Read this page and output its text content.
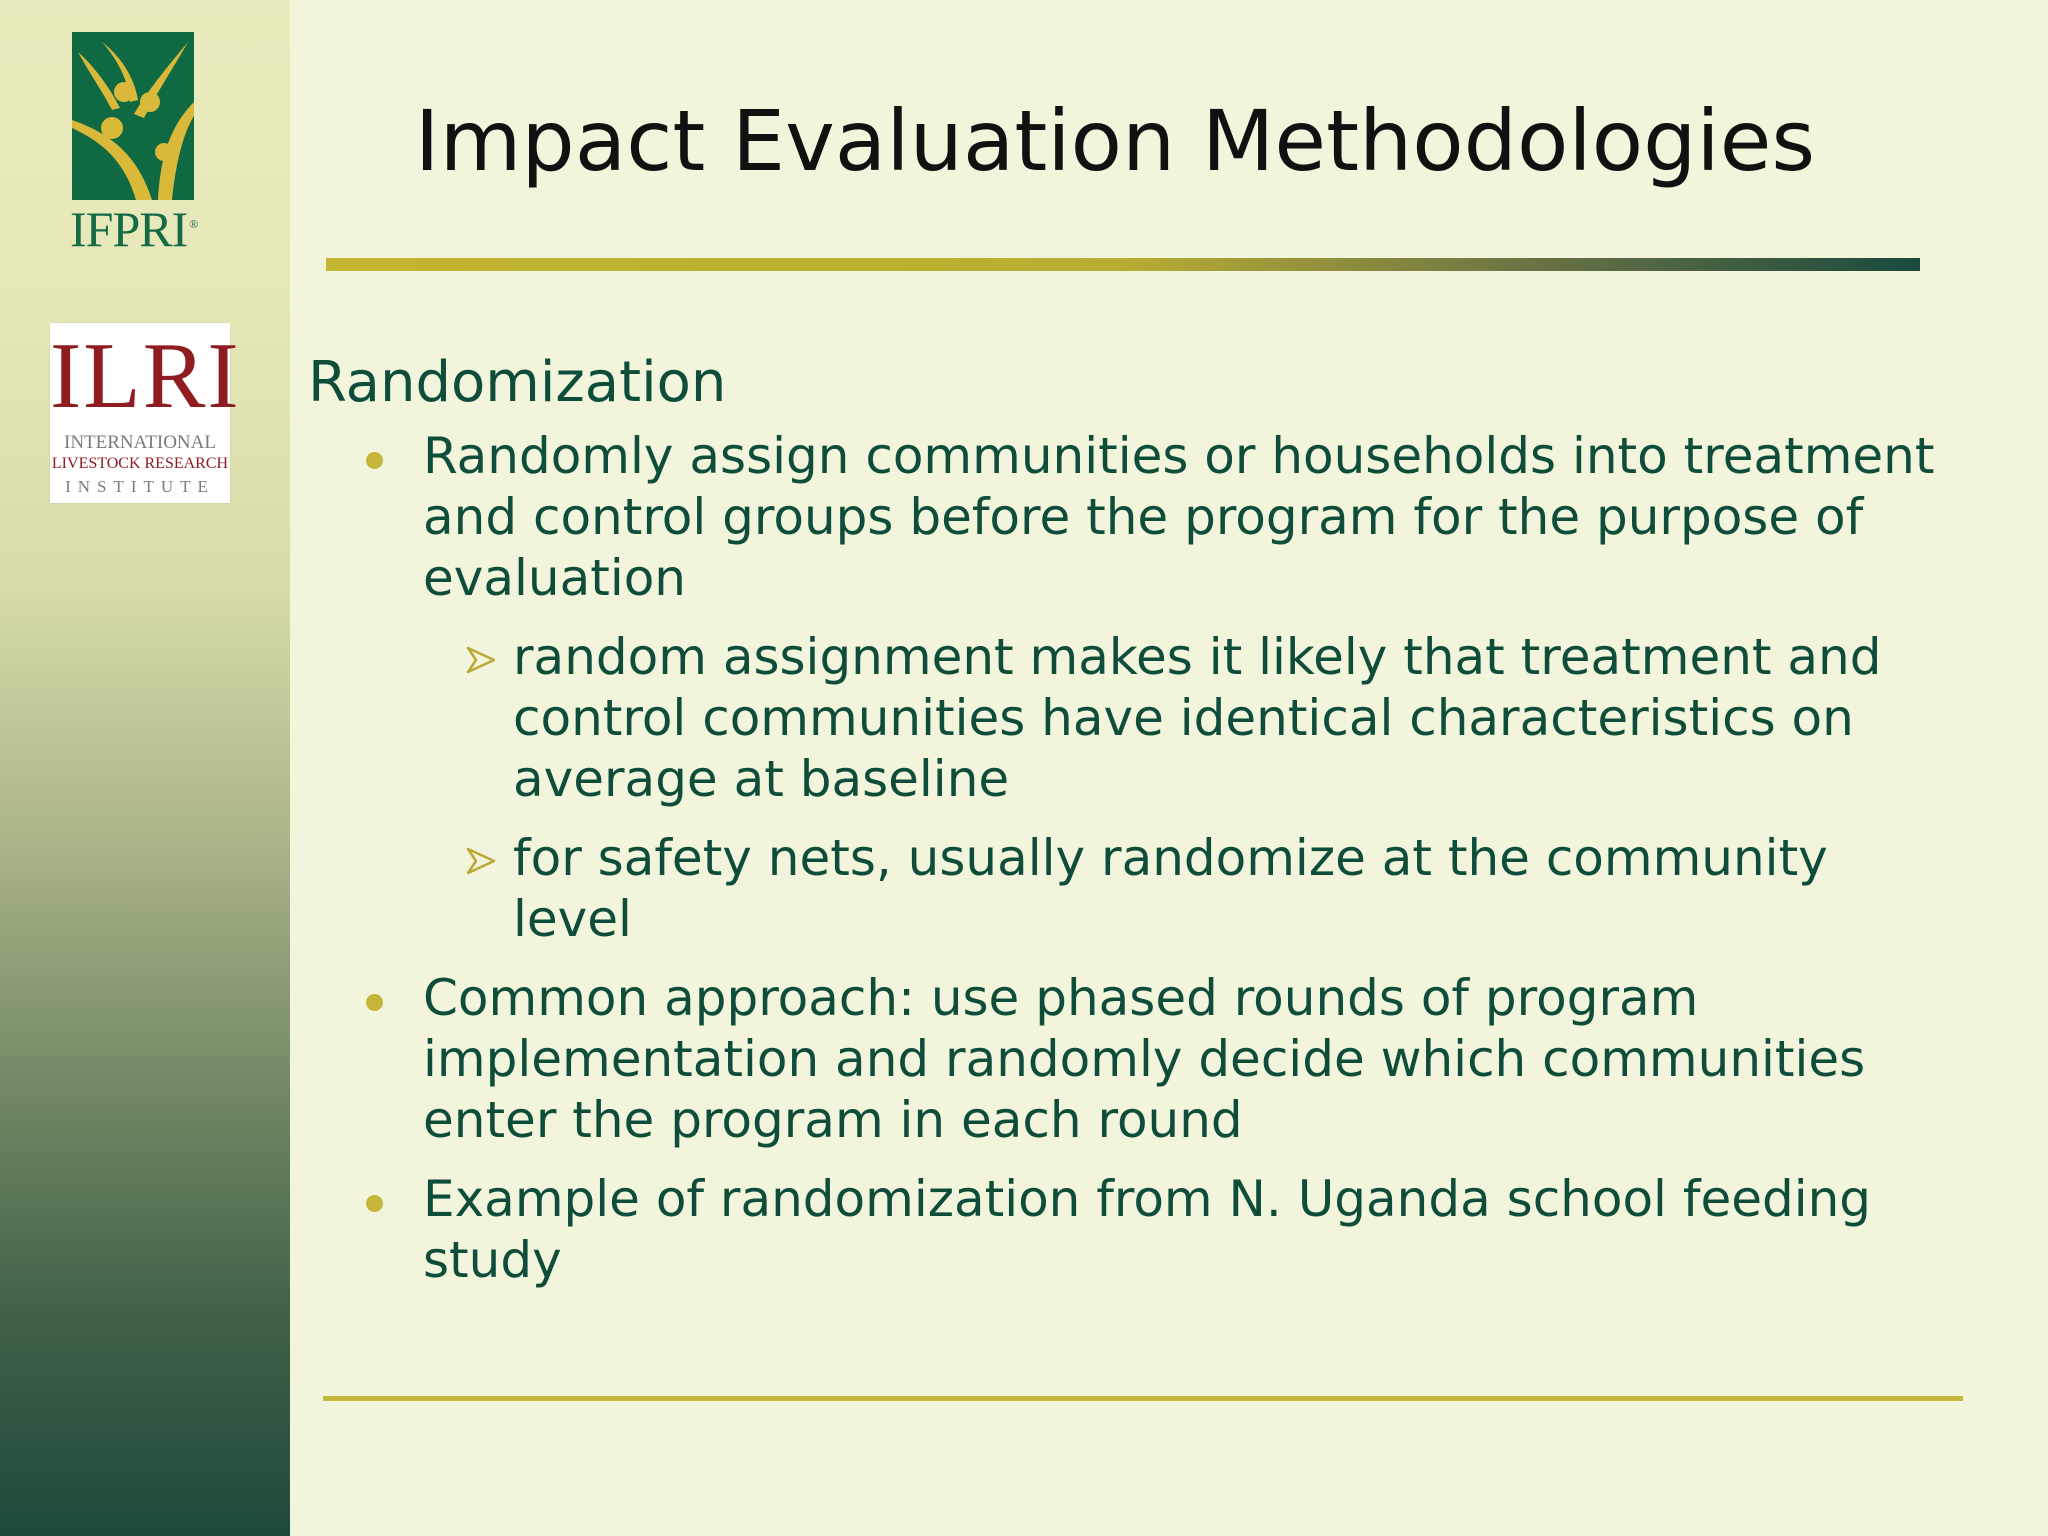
IFPRI ®
ILRI
INTERNATIONAL
LIVESTOCK RESEARCH
INSTITUTE
Impact Evaluation Methodologies
Randomization
Randomly assign communities or households into treatment
and control groups before the program for the purpose of
evaluation
random assignment makes it likely that treatment and
control communities have identical characteristics on
average at baseline
for safety nets, usually randomize at the community
level
Common approach: use phased rounds of program
implementation and randomly decide which communities
enter the program in each round
Example of randomization from N. Uganda school feeding
study
